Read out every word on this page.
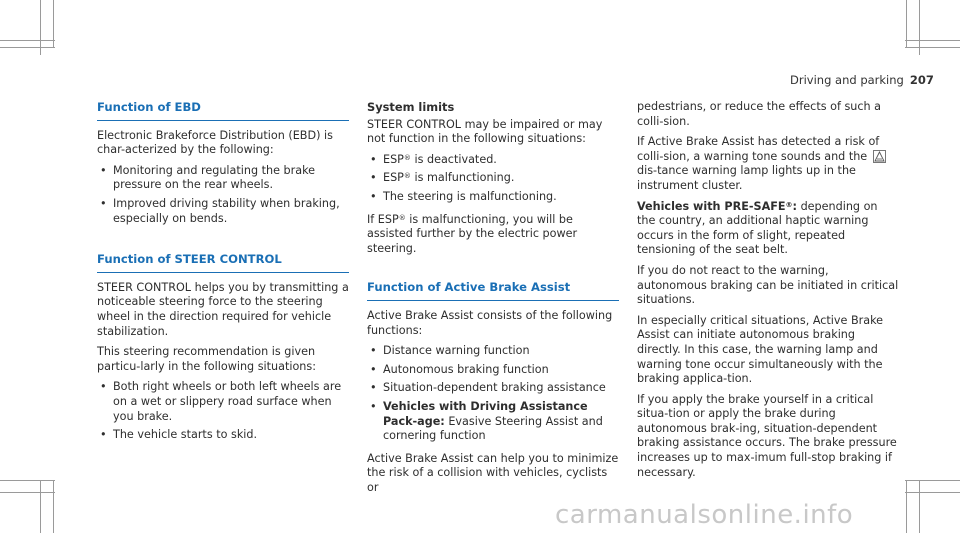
Driving and parking 207
Function of EBD

Electronic Brakeforce Distribution (EBD) is char-acterized by the following:

• Monitoring and regulating the brake pressure on the rear wheels.
• Improved driving stability when braking, especially on bends.
Function of STEER CONTROL

STEER CONTROL helps you by transmitting a noticeable steering force to the steering wheel in the direction required for vehicle stabilization.

This steering recommendation is given particu-larly in the following situations:

• Both right wheels or both left wheels are on a wet or slippery road surface when you brake.
• The vehicle starts to skid.
System limits

STEER CONTROL may be impaired or may not function in the following situations:

• ESP® is deactivated.
• ESP® is malfunctioning.
• The steering is malfunctioning.

If ESP® is malfunctioning, you will be assisted further by the electric power steering.

Function of Active Brake Assist

Active Brake Assist consists of the following functions:

• Distance warning function
• Autonomous braking function
• Situation-dependent braking assistance
• Vehicles with Driving Assistance Pack-age: Evasive Steering Assist and cornering function

Active Brake Assist can help you to minimize the risk of a collision with vehicles, cyclists or

pedestrians, or reduce the effects of such a colli-sion.

If Active Brake Assist has detected a risk of colli-sion, a warning tone sounds and the  dis-tance warning lamp lights up in the instrument cluster.

Vehicles with PRE-SAFE®: depending on the country, an additional haptic warning occurs in the form of slight, repeated tensioning of the seat belt.

If you do not react to the warning, autonomous braking can be initiated in critical situations.

In especially critical situations, Active Brake Assist can initiate autonomous braking directly. In this case, the warning lamp and warning tone occur simultaneously with the braking applica-tion.

If you apply the brake yourself in a critical situa-tion or apply the brake during autonomous brak-ing, situation-dependent braking assistance occurs. The brake pressure increases up to max-imum full-stop braking if necessary.

carmanualsonline.info
